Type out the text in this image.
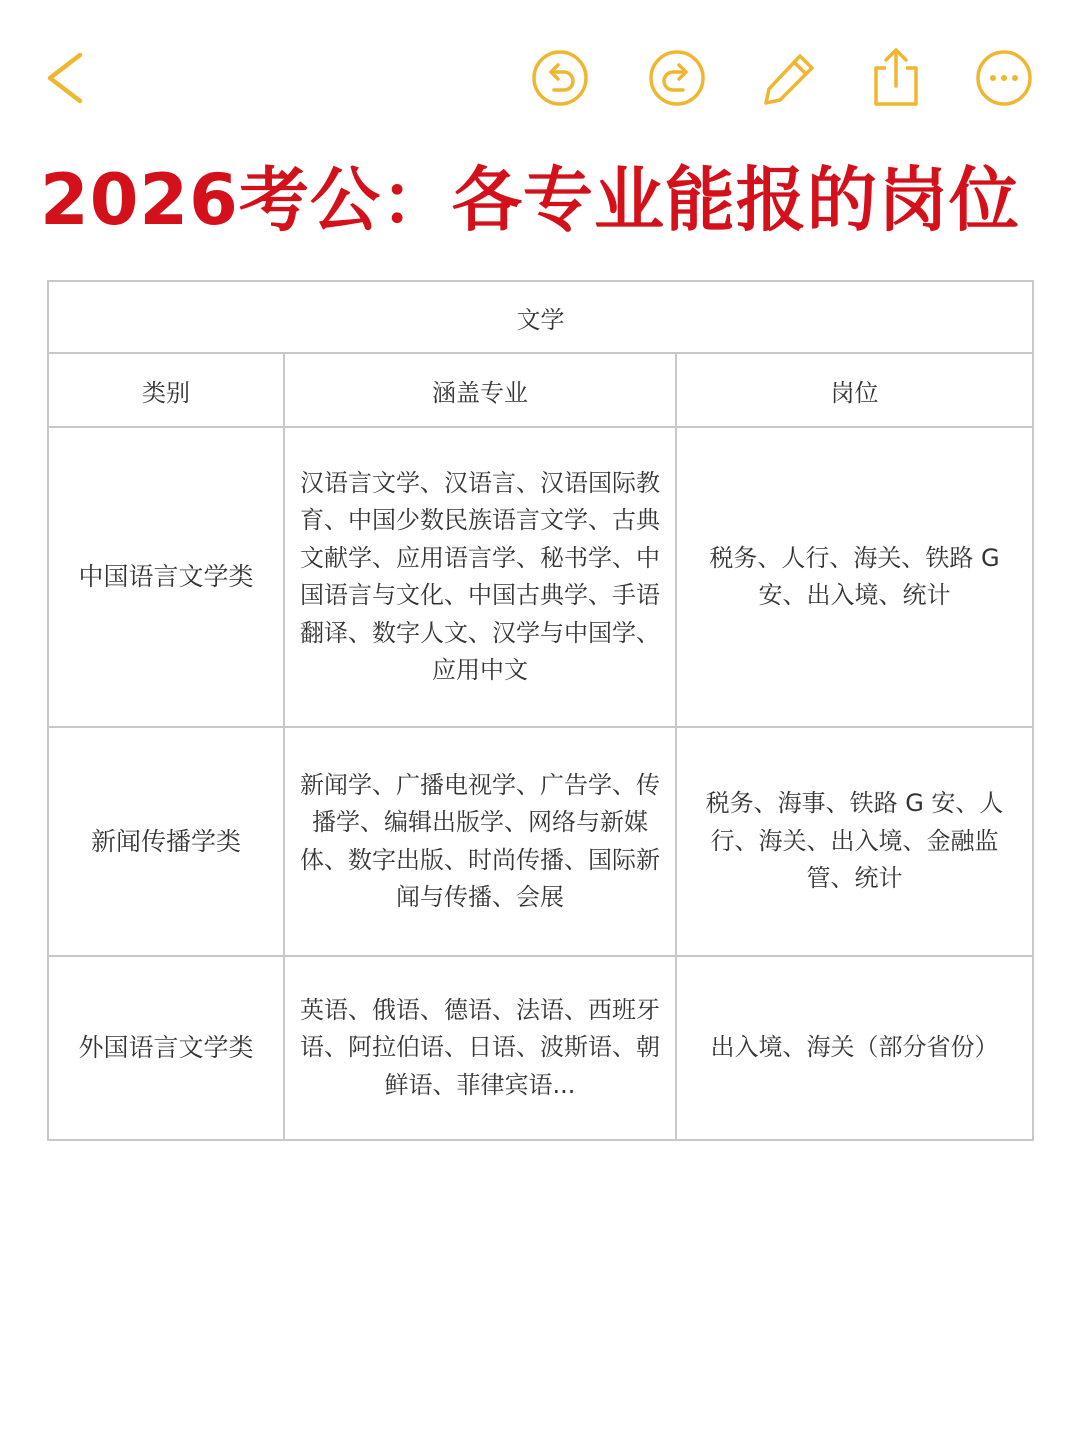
2026考公：各专业能报的岗位
文学		
类别	涵盖专业	岗位
中国语言文学类	汉语言文学、汉语言、汉语国际教育、中国少数民族语言文学、古典文献学、应用语言学、秘书学、中国语言与文化、中国古典学、手语翻译、数字人文、汉学与中国学、应用中文	税务、人行、海关、铁路 G 安、出入境、统计
新闻传播学类	新闻学、广播电视学、广告学、传播学、编辑出版学、网络与新媒体、数字出版、时尚传播、国际新闻与传播、会展	税务、海事、铁路 G 安、人行、海关、出入境、金融监管、统计
外国语言文学类	英语、俄语、德语、法语、西班牙语、阿拉伯语、日语、波斯语、朝鲜语、菲律宾语...	出入境、海关（部分省份）
